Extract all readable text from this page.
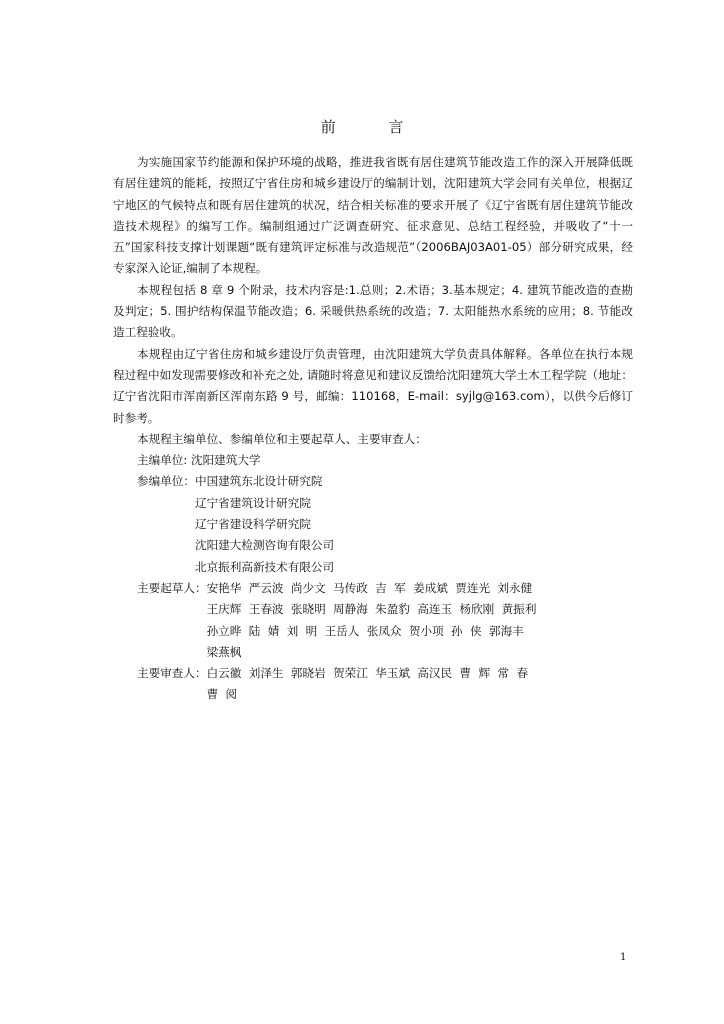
前 言

为实施国家节约能源和保护环境的战略，推进我省既有居住建筑节能改造工作的深入开展降低既有居住建筑的能耗，按照辽宁省住房和城乡建设厅的编制计划，沈阳建筑大学会同有关单位，根据辽宁地区的气候特点和既有居住建筑的状况，结合相关标准的要求开展了《辽宁省既有居住建筑节能改造技术规程》的编写工作。编制组通过广泛调查研究、征求意见、总结工程经验，并吸收了“十一五”国家科技支撑计划课题“既有建筑评定标准与改造规范”（2006BAJ03A01-05）部分研究成果，经专家深入论证,编制了本规程。

本规程包括 8 章 9 个附录，技术内容是:1.总则；2.术语；3.基本规定；4. 建筑节能改造的查勘及判定；5. 围护结构保温节能改造；6. 采暖供热系统的改造；7. 太阳能热水系统的应用；8. 节能改造工程验收。

本规程由辽宁省住房和城乡建设厅负责管理，由沈阳建筑大学负责具体解释。各单位在执行本规程过程中如发现需要修改和补充之处, 请随时将意见和建议反馈给沈阳建筑大学土木工程学院（地址：辽宁省沈阳市浑南新区浑南东路 9 号，邮编：110168，E-mail：syjlg@163.com），以供今后修订时参考。

本规程主编单位、参编单位和主要起草人、主要审查人：

主编单位: 沈阳建筑大学
参编单位： 中国建筑东北设计研究院
辽宁省建筑设计研究院
辽宁省建设科学研究院
沈阳建大检测咨询有限公司
北京振利高新技术有限公司
主要起草人： 安艳华  严云波  尚少文  马传政  吉  军  姜成斌  贾连光  刘永健
王庆辉  王春波  张晓明  周静海  朱盈豹  高连玉  杨欣刚  黄振利
孙立晔  陆  婧  刘  明  王岳人  张凤众  贺小项  孙  侠  郭海丰
梁燕枫
主要审查人： 白云徽  刘泽生  郭晓岩  贺荣江  华玉斌  高汉民  曹  辉  常  春
曹  阅
1
